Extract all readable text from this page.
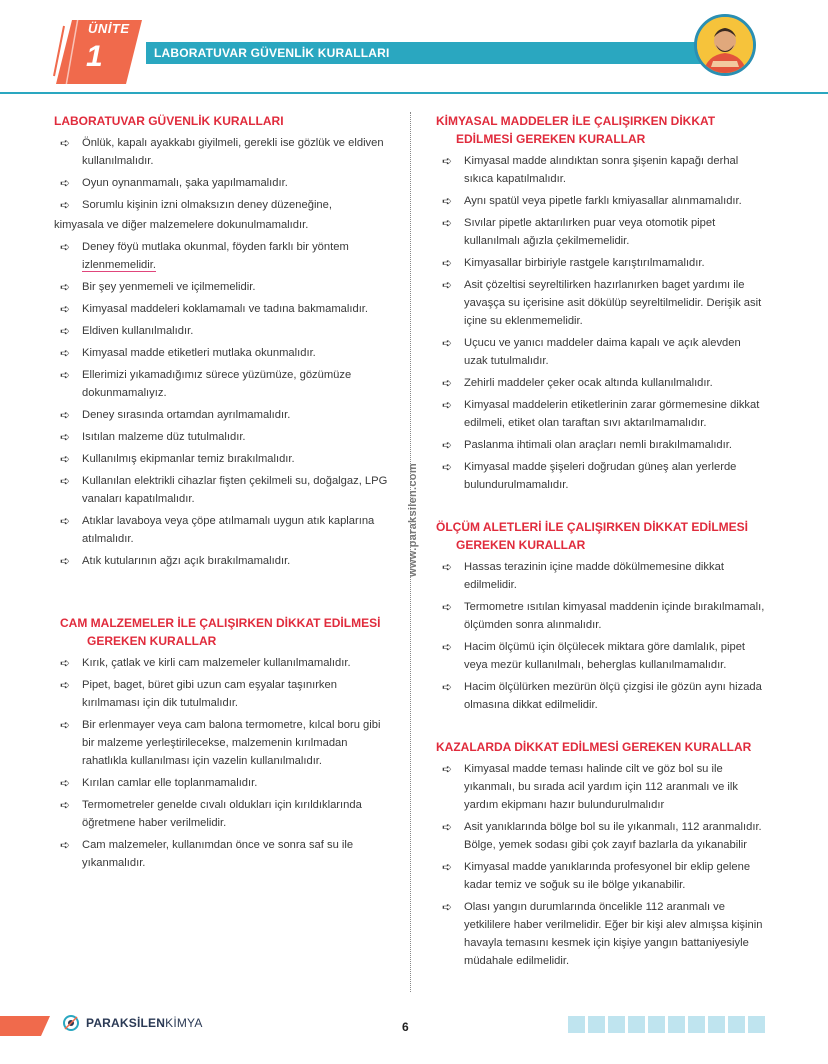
ÜNİTE
1	LABORATUVAR GÜVENLİK KURALLARI
LABORATUVAR GÜVENLİK KURALLARI
➪	Önlük, kapalı ayakkabı giyilmeli, gerekli ise gözlük ve eldiven kullanılmalıdır.
➪	Oyun oynanmamalı, şaka yapılmamalıdır.
➪	Sorumlu kişinin izni olmaksızın deney düzeneğine,
kimyasala ve diğer malzemelere dokunulmamalıdır.
➪	Deney föyü mutlaka okunmal, föyden farklı bir yöntem
izlenmemelidir.
➪	Bir şey yenmemeli ve içilmemelidir.
➪	Kimyasal maddeleri koklamamalı ve tadına bakmamalıdır.
➪	Eldiven kullanılmalıdır.
➪	Kimyasal madde etiketleri mutlaka okunmalıdır.
➪	Ellerimizi yıkamadığımız sürece yüzümüze, gözümüze dokunmamalıyız.
➪	Deney sırasında ortamdan ayrılmamalıdır.
➪	Isıtılan malzeme düz tutulmalıdır.
➪	Kullanılmış ekipmanlar temiz bırakılmalıdır.
➪	Kullanılan elektrikli cihazlar fişten çekilmeli su, doğalgaz, LPG vanaları kapatılmalıdır.
➪	Atıklar lavaboya veya çöpe atılmamalı uygun atık kaplarına atılmalıdır.
➪	Atık kutularının ağzı açık bırakılmamalıdır.
CAM MALZEMELER İLE ÇALIŞIRKEN DİKKAT EDİLMESİ GEREKEN KURALLAR
➪	Kırık, çatlak ve kirli cam malzemeler kullanılmamalıdır.
➪	Pipet, baget, büret gibi uzun cam eşyalar taşınırken kırılmaması için dik tutulmalıdır.
➪	Bir erlenmayer veya cam balona termometre, kılcal boru gibi bir malzeme yerleştirilecekse, malzemenin kırılmadan rahatlıkla kullanılması için vazelin kullanılmalıdır.
➪	Kırılan camlar elle toplanmamalıdır.
➪	Termometreler genelde cıvalı oldukları için kırıldıklarında öğretmene haber verilmelidir.
➪	Cam malzemeler, kullanımdan önce ve sonra saf su ile yıkanmalıdır.
www.paraksilen.com
KİMYASAL MADDELER İLE ÇALIŞIRKEN DİKKAT EDİLMESİ GEREKEN KURALLAR
➪	Kimyasal madde alındıktan sonra şişenin kapağı derhal sıkıca kapatılmalıdır.
➪	Aynı spatül veya pipetle farklı kmiyasallar alınmamalıdır.
➪	Sıvılar pipetle aktarılırken puar veya otomotik pipet kullanılmalı ağızla çekilmemelidir.
➪	Kimyasallar birbiriyle rastgele karıştırılmamalıdır.
➪	Asit çözeltisi seyreltilirken hazırlanırken baget yardımı ile yavaşça su içerisine asit dökülüp seyreltilmelidir. Derişik asit içine su eklenmemelidir.
➪	Uçucu ve yanıcı maddeler daima kapalı ve açık alevden uzak tutulmalıdır.
➪	Zehirli maddeler çeker ocak altında kullanılmalıdır.
➪	Kimyasal maddelerin etiketlerinin zarar görmemesine dikkat edilmeli, etiket olan taraftan sıvı aktarılmamalıdır.
➪	Paslanma ihtimali olan araçları nemli bırakılmamalıdır.
➪	Kimyasal madde şişeleri doğrudan güneş alan yerlerde bulundurulmamalıdır.
ÖLÇÜM ALETLERİ İLE ÇALIŞIRKEN DİKKAT EDİLMESİ GEREKEN KURALLAR
➪	Hassas terazinin içine madde dökülmemesine dikkat edilmelidir.
➪	Termometre ısıtılan kimyasal maddenin içinde bırakılmamalı, ölçümden sonra alınmalıdır.
➪	Hacim ölçümü için ölçülecek miktara göre damlalık, pipet veya mezür kullanılmalı, beherglas kullanılmamalıdır.
➪	Hacim ölçülürken mezürün ölçü çizgisi ile gözün aynı hizada olmasına dikkat edilmelidir.
KAZALARDA DİKKAT EDİLMESİ GEREKEN KURALLAR
➪	Kimyasal madde teması halinde cilt ve göz bol su ile yıkanmalı, bu sırada acil yardım için 112 aranmalı ve ilk yardım ekipmanı hazır bulundurulmalıdır
➪	Asit yanıklarında bölge bol su ile yıkanmalı, 112 aranmalıdır. Bölge, yemek sodası gibi çok zayıf bazlarla da yıkanabilir
➪	Kimyasal madde yanıklarında profesyonel bir eklip gelene kadar temiz ve soğuk su ile bölge yıkanabilir.
➪	Olası yangın durumlarında öncelikle 112 aranmalı ve yetkililere haber verilmelidir. Eğer bir kişi alev almışsa kişinin havayla temasını kesmek için kişiye yangın battaniyesiyle müdahale edilmelidir.
PARAKSİLENKİMYA	6
